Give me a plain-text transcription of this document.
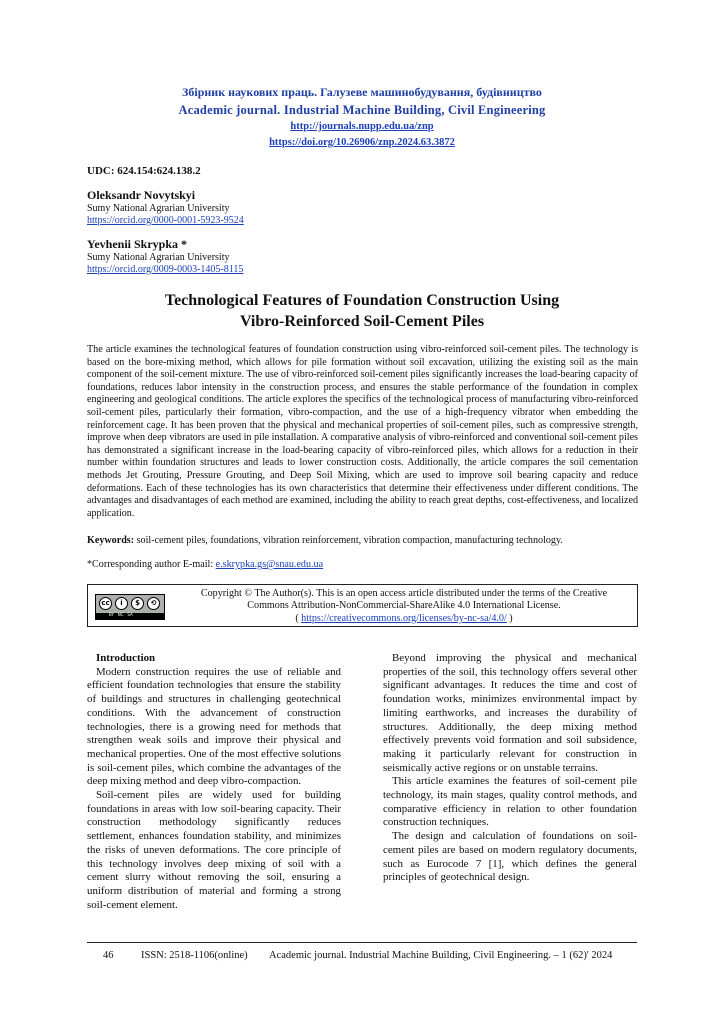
Збірник наукових праць. Галузеве машинобудування, будівництво
Academic journal. Industrial Machine Building, Civil Engineering
http://journals.nupp.edu.ua/znp
https://doi.org/10.26906/znp.2024.63.3872
UDC: 624.154:624.138.2
Oleksandr Novytskyi
Sumy National Agrarian University
https://orcid.org/0000-0001-5923-9524
Yevhenii Skrypka *
Sumy National Agrarian University
https://orcid.org/0009-0003-1405-8115
Technological Features of Foundation Construction Using
Vibro-Reinforced Soil-Cement Piles
The article examines the technological features of foundation construction using vibro-reinforced soil-cement piles. The technology is based on the bore-mixing method, which allows for pile formation without soil excavation, utilizing the existing soil as the main component of the soil-cement mixture. The use of vibro-reinforced soil-cement piles significantly increases the load-bearing capacity of foundations, reduces labor intensity in the construction process, and ensures the stable performance of the foundation in complex engineering and geological conditions. The article explores the specifics of the technological process of manufacturing vibro-reinforced soil-cement piles, particularly their formation, vibro-compaction, and the use of a high-frequency vibrator when embedding the reinforcement cage. It has been proven that the physical and mechanical properties of soil-cement piles, such as compressive strength, improve when deep vibrators are used in pile installation. A comparative analysis of vibro-reinforced and conventional soil-cement piles has demonstrated a significant increase in the load-bearing capacity of vibro-reinforced piles, which allows for a reduction in their number within foundation structures and leads to lower construction costs. Additionally, the article compares the soil cementation methods Jet Grouting, Pressure Grouting, and Deep Soil Mixing, which are used to improve soil bearing capacity and reduce deformations. Each of these technologies has its own characteristics that determine their effectiveness under different conditions. The advantages and disadvantages of each method are examined, including the ability to reach great depths, cost-effectiveness, and localized application.
Keywords: soil-cement piles, foundations, vibration reinforcement, vibration compaction, manufacturing technology.
*Corresponding author E-mail: e.skrypka.gs@snau.edu.ua
cc	i	$	⟲
BY   NC   SA
Copyright © The Author(s). This is an open access article distributed under the terms of the Creative
Commons Attribution-NonCommercial-ShareAlike 4.0 International License.
( https://creativecommons.org/licenses/by-nc-sa/4.0/ )
Introduction

Modern construction requires the use of reliable and efficient foundation technologies that ensure the stability of buildings and structures in challenging geotechnical conditions. With the advancement of construction technologies, there is a growing need for methods that strengthen weak soils and improve their physical and mechanical properties. One of the most effective solutions is soil-cement piles, which combine the advantages of the deep mixing method and deep vibro-compaction.

Soil-cement piles are widely used for building foundations in areas with low soil-bearing capacity. Their construction methodology significantly reduces settlement, enhances foundation stability, and minimizes the risks of uneven deformations. The core principle of this technology involves deep mixing of soil with a cement slurry without removing the soil, ensuring a uniform distribution of material and forming a strong soil-cement element.

Beyond improving the physical and mechanical properties of the soil, this technology offers several other significant advantages. It reduces the time and cost of foundation works, minimizes environmental impact by limiting earthworks, and increases the durability of structures. Additionally, the deep mixing method effectively prevents void formation and soil subsidence, making it particularly relevant for construction in seismically active regions or on unstable terrains.

This article examines the features of soil-cement pile technology, its main stages, quality control methods, and comparative efficiency in relation to other foundation construction techniques.

The design and calculation of foundations on soil-cement piles are based on modern regulatory documents, such as Eurocode 7 [1], which defines the general principles of geotechnical design.

46	ISSN: 2518-1106(online) Academic journal. Industrial Machine Building, Civil Engineering. – 1 (62)' 2024
